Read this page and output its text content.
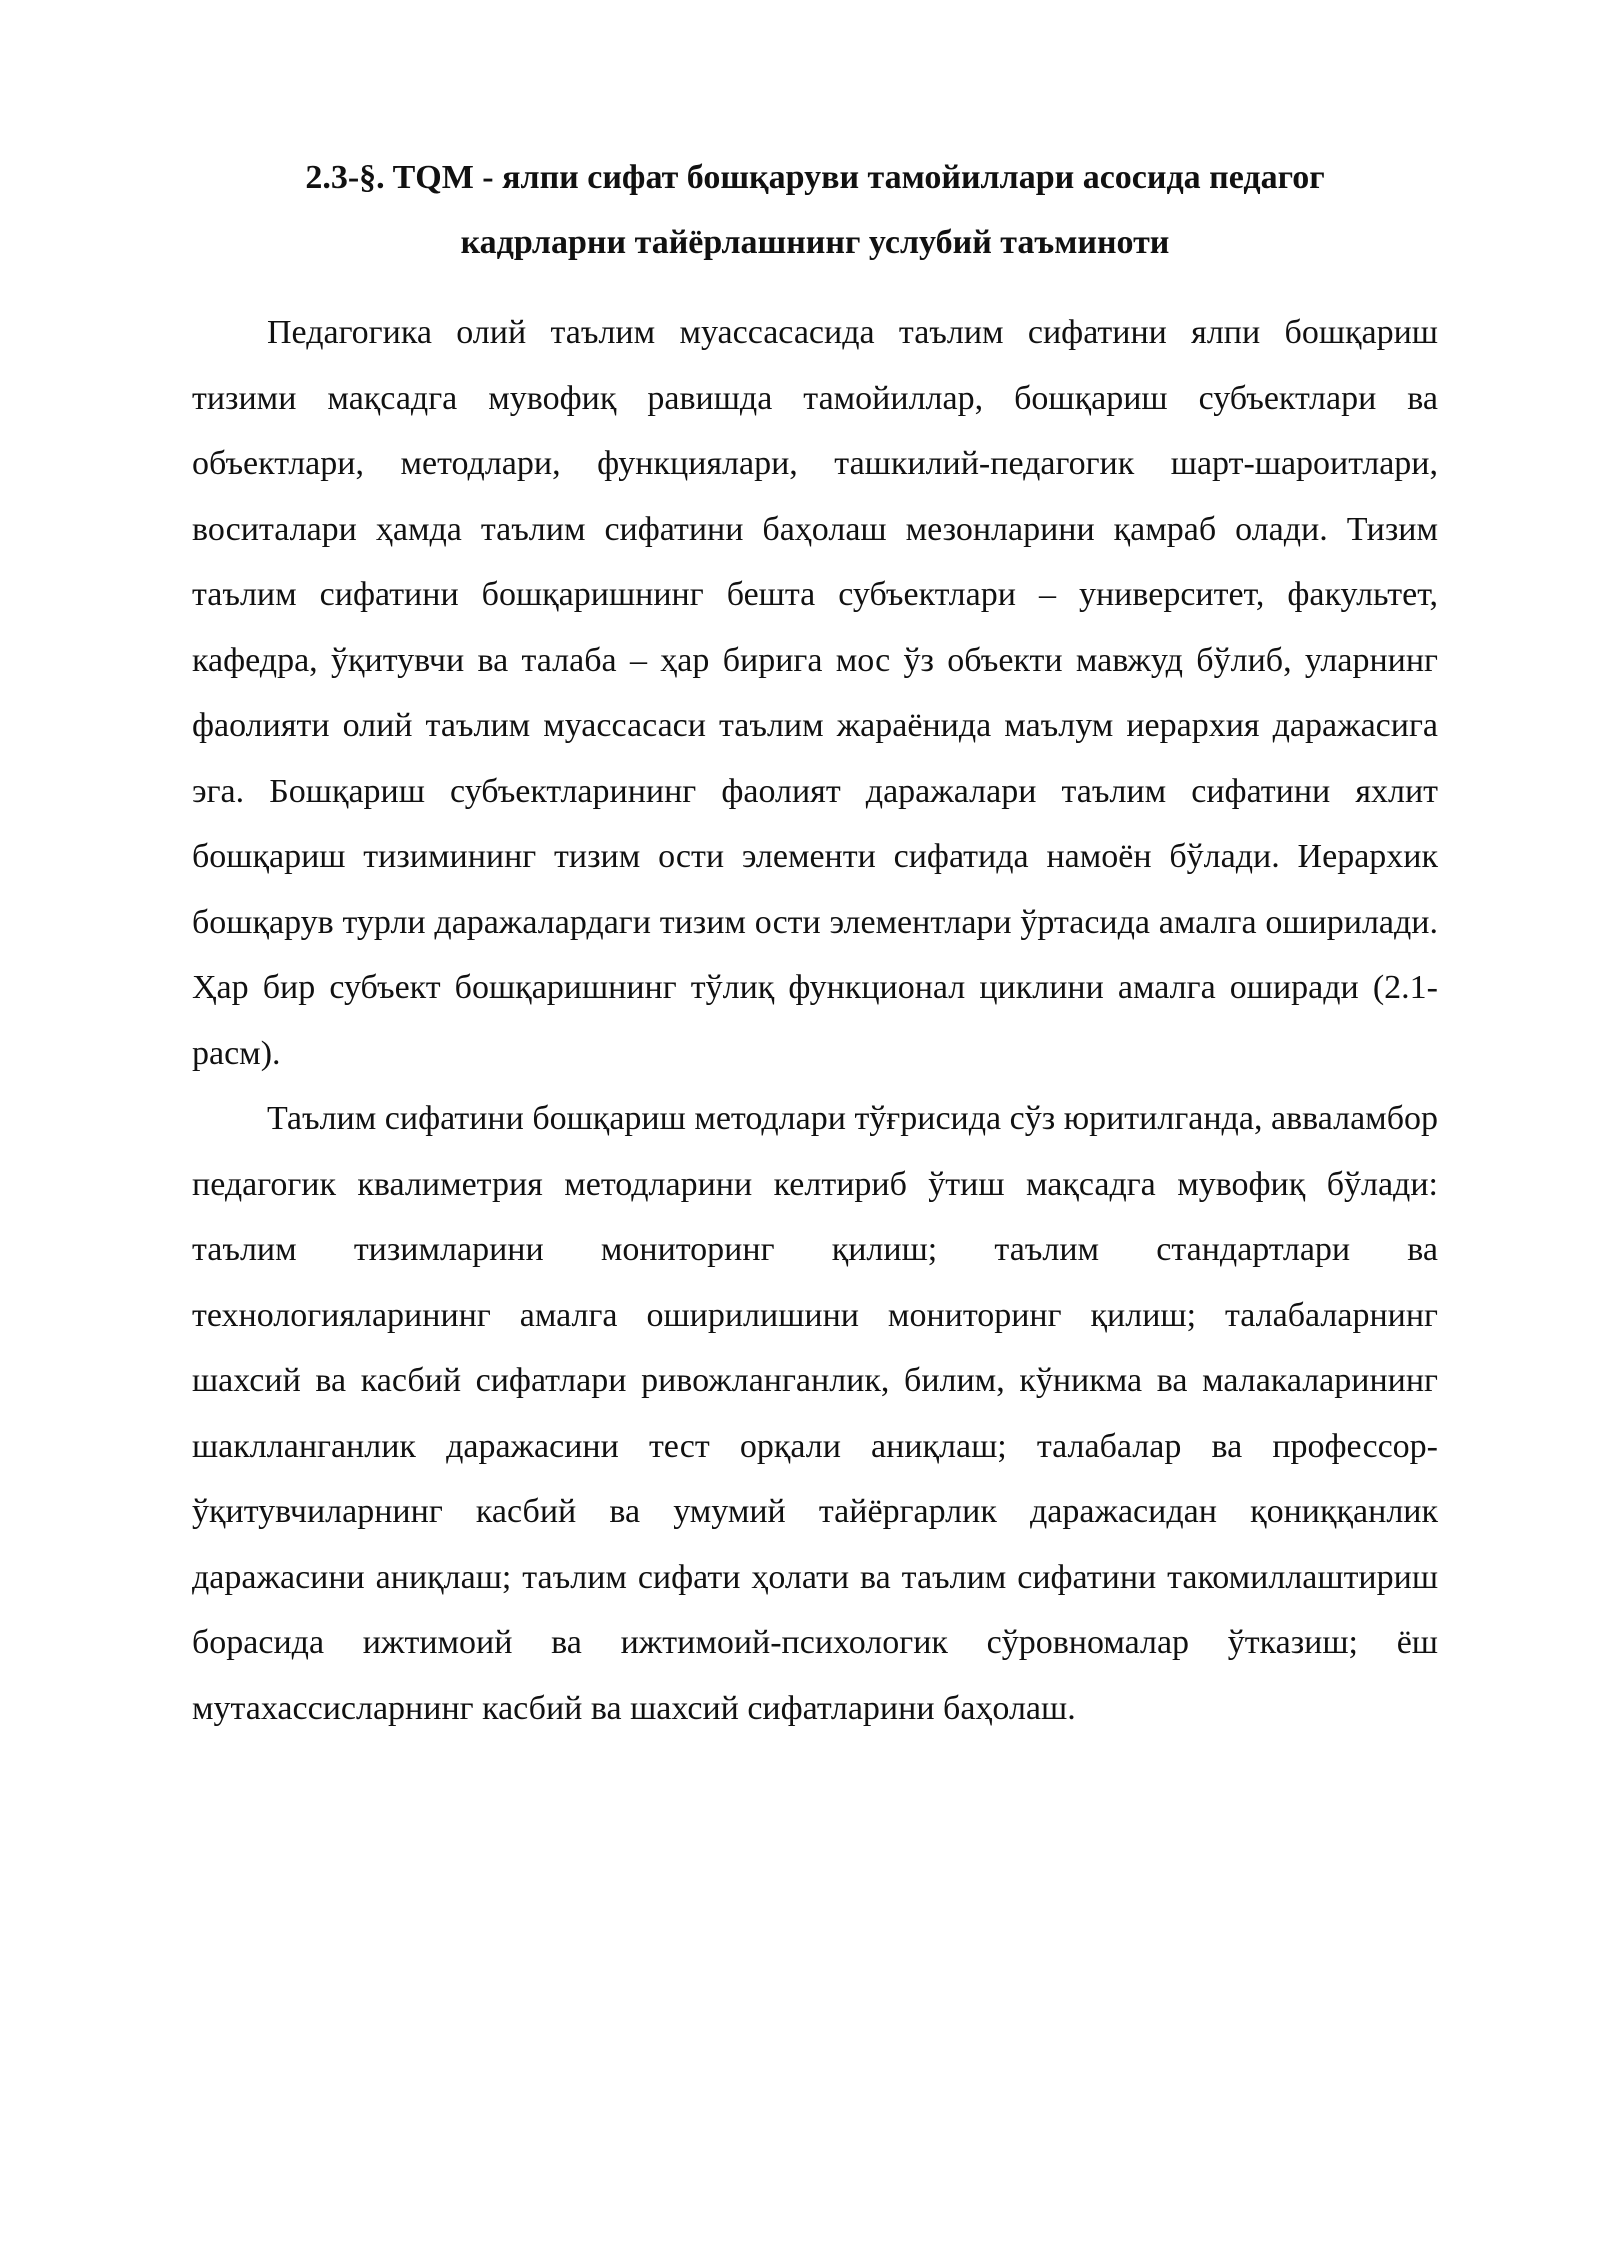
2.3-§. TQM - ялпи сифат бошқаруви тамойиллари асосида педагог
кадрларни тайёрлашнинг услубий таъминоти

Педагогика олий таълим муассасасида таълим сифатини ялпи бошқариш тизими мақсадга мувофиқ равишда тамойиллар, бошқариш субъектлари ва объектлари, методлари, функциялари, ташкилий-педагогик шарт-шароитлари, воситалари ҳамда таълим сифатини баҳолаш мезонларини қамраб олади. Тизим таълим сифатини бошқаришнинг бешта субъектлари – университет, факультет, кафедра, ўқитувчи ва талаба – ҳар бирига мос ўз объекти мавжуд бўлиб, уларнинг фаолияти олий таълим муассасаси таълим жараёнида маълум иерархия даражасига эга. Бошқариш субъектларининг фаолият даражалари таълим сифатини яхлит бошқариш тизимининг тизим ости элементи сифатида намоён бўлади. Иерархик бошқарув турли даражалардаги тизим ости элементлари ўртасида амалга оширилади. Ҳар бир субъект бошқаришнинг тўлиқ функционал циклини амалга оширади (2.1-расм).

Таълим сифатини бошқариш методлари тўғрисида сўз юритилганда, авваламбор педагогик квалиметрия методларини келтириб ўтиш мақсадга мувофиқ бўлади: таълим тизимларини мониторинг қилиш; таълим стандартлари ва технологияларининг амалга оширилишини мониторинг қилиш; талабаларнинг шахсий ва касбий сифатлари ривожланганлик, билим, кўникма ва малакаларининг шаклланганлик даражасини тест орқали аниқлаш; талабалар ва профессор-ўқитувчиларнинг касбий ва умумий тайёргарлик даражасидан қониққанлик даражасини аниқлаш; таълим сифати ҳолати ва таълим сифатини такомиллаштириш борасида ижтимоий ва ижтимоий-психологик сўровномалар ўтказиш; ёш мутахассисларнинг касбий ва шахсий сифатларини баҳолаш.
